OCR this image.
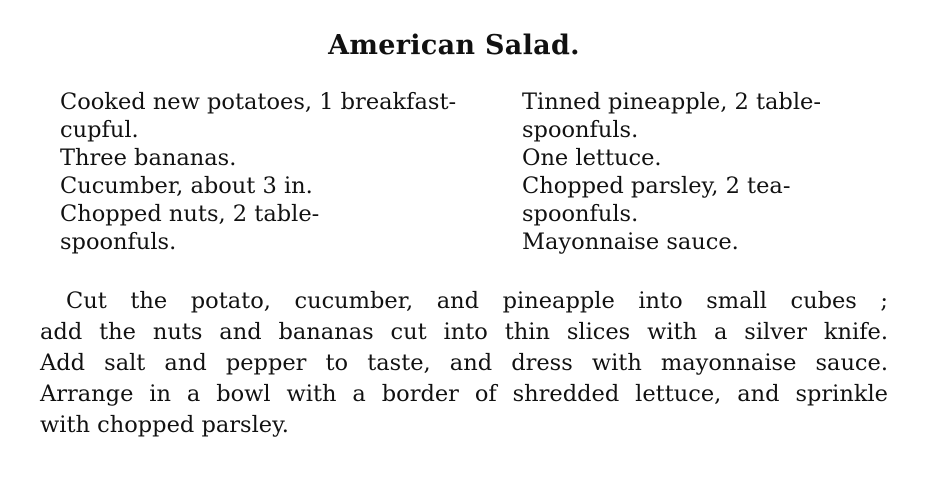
American Salad.
Cooked new potatoes, 1 breakfast-
cupful.
Three bananas.
Cucumber, about 3 in.
Chopped nuts, 2 table-
spoonfuls.
Tinned pineapple, 2 table-
spoonfuls.
One lettuce.
Chopped parsley, 2 tea-
spoonfuls.
Mayonnaise sauce.

Cut the potato, cucumber, and pineapple into small cubes ;
add the nuts and bananas cut into thin slices with a silver knife.
Add salt and pepper to taste, and dress with mayonnaise sauce.
Arrange in a bowl with a border of shredded lettuce, and sprinkle
with chopped parsley.
